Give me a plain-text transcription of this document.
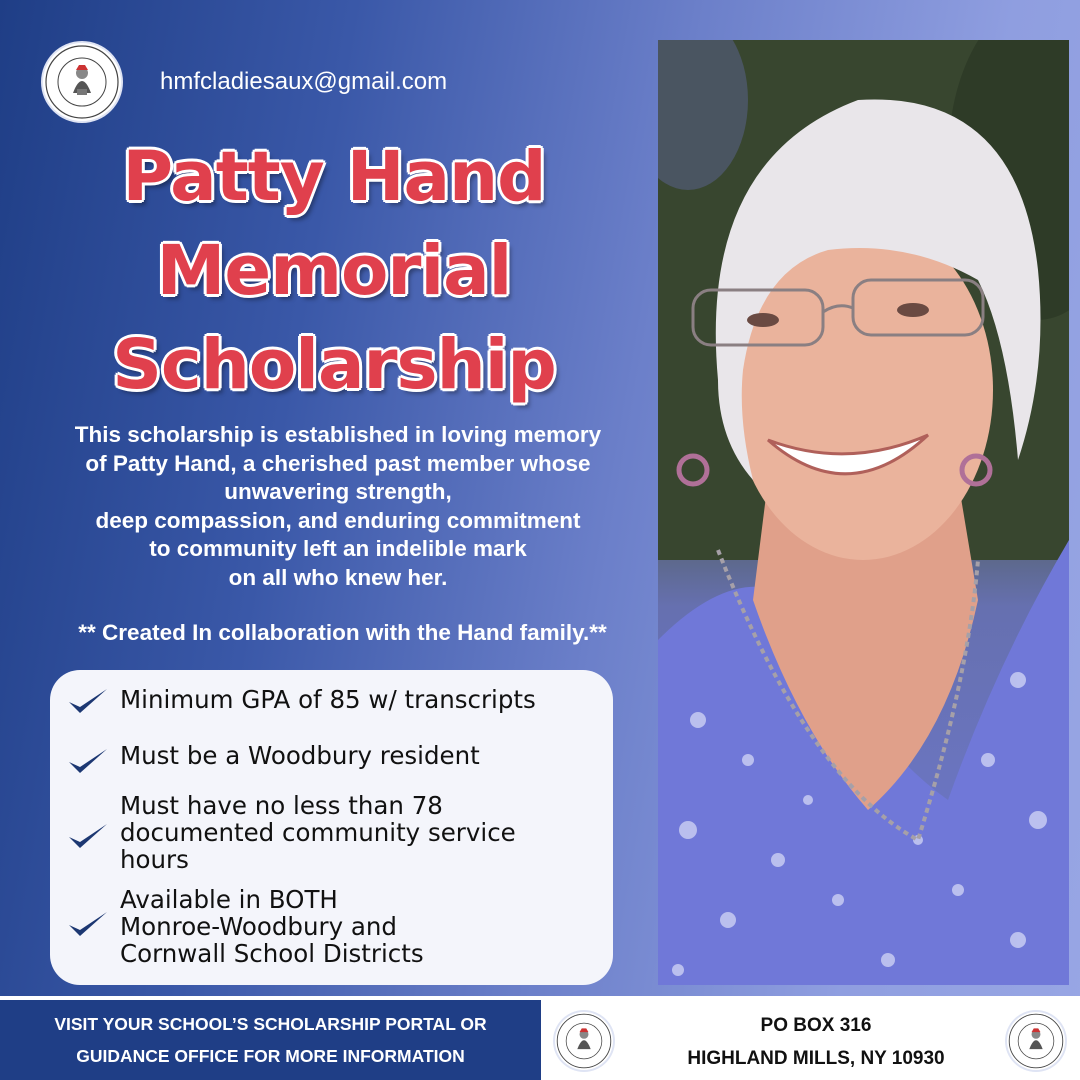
hmfcladiesaux@gmail.com
Patty Hand
Memorial
Scholarship
This scholarship is established in loving memory
of Patty Hand, a cherished past member whose
unwavering strength,
deep compassion, and enduring commitment
to community left an indelible mark
on all who knew her.
** Created In collaboration with the Hand family.**
Minimum GPA of 85 w/ transcripts
Must be a Woodbury resident
Must have no less than 78
documented community service
hours
Available in BOTH
Monroe-Woodbury and
Cornwall School Districts
VISIT YOUR SCHOOL’S SCHOLARSHIP PORTAL OR
GUIDANCE OFFICE FOR MORE INFORMATION
PO BOX 316
HIGHLAND MILLS, NY 10930
